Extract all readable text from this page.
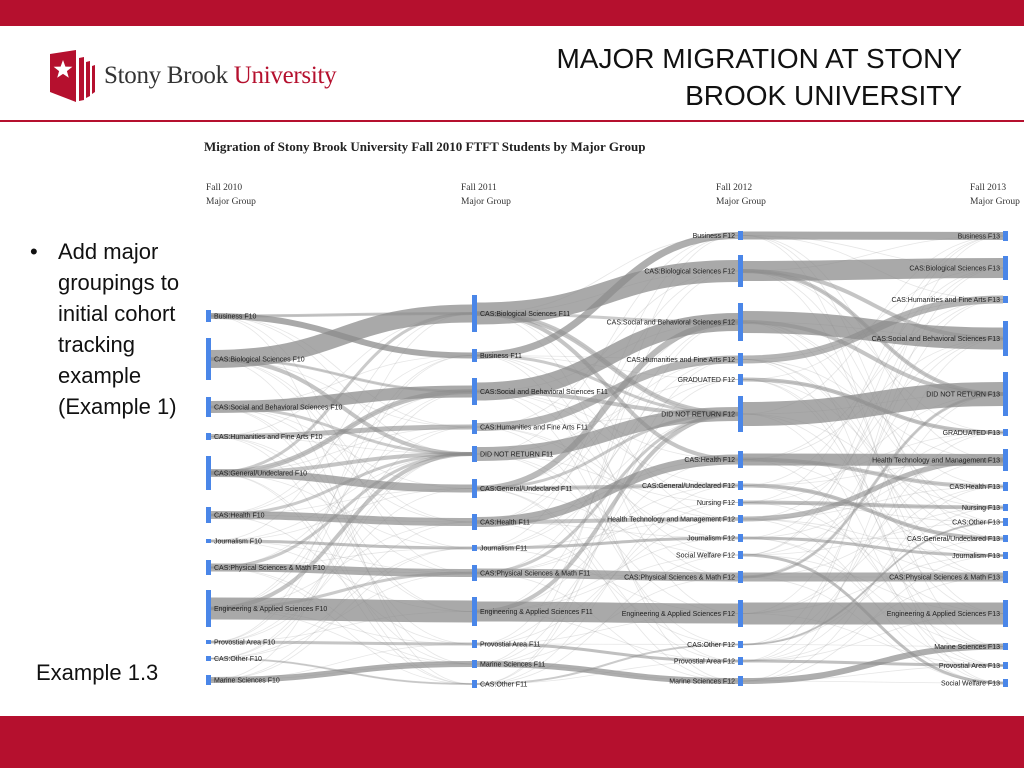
Stony Brook University
MAJOR MIGRATION AT STONY
BROOK UNIVERSITY
• Add major groupings to initial cohort tracking example (Example 1)
Example 1.3
Migration of Stony Brook University Fall 2010 FTFT Students by Major Group
Fall 2010
Major Group
Fall 2011
Major Group
Fall 2012
Major Group
Fall 2013
Major Group
Business F10
CAS:Biological Sciences F10
CAS:Social and Behavioral Sciences F10
CAS:Humanities and Fine Arts F10
CAS:General/Undeclared F10
CAS:Health F10
Journalism F10
CAS:Physical Sciences & Math F10
Engineering & Applied Sciences F10
Provostial Area F10
CAS:Other F10
Marine Sciences F10
CAS:Biological Sciences F11
Business F11
CAS:Social and Behavioral Sciences F11
CAS:Humanities and Fine Arts F11
DID NOT RETURN F11
CAS:General/Undeclared F11
CAS:Health F11
Journalism F11
CAS:Physical Sciences & Math F11
Engineering & Applied Sciences F11
Provostial Area F11
Marine Sciences F11
CAS:Other F11
Business F12
CAS:Biological Sciences F12
CAS:Social and Behavioral Sciences F12
CAS:Humanities and Fine Arts F12
GRADUATED F12
DID NOT RETURN F12
CAS:Health F12
CAS:General/Undeclared F12
Nursing F12
Health Technology and Management F12
Journalism F12
Social Welfare F12
CAS:Physical Sciences & Math F12
Engineering & Applied Sciences F12
CAS:Other F12
Provostial Area F12
Marine Sciences F12
Business F13
CAS:Biological Sciences F13
CAS:Humanities and Fine Arts F13
CAS:Social and Behavioral Sciences F13
DID NOT RETURN F13
GRADUATED F13
Health Technology and Management F13
CAS:Health F13
Nursing F13
CAS:Other F13
CAS:General/Undeclared F13
Journalism F13
CAS:Physical Sciences & Math F13
Engineering & Applied Sciences F13
Marine Sciences F13
Provostial Area F13
Social Welfare F13
